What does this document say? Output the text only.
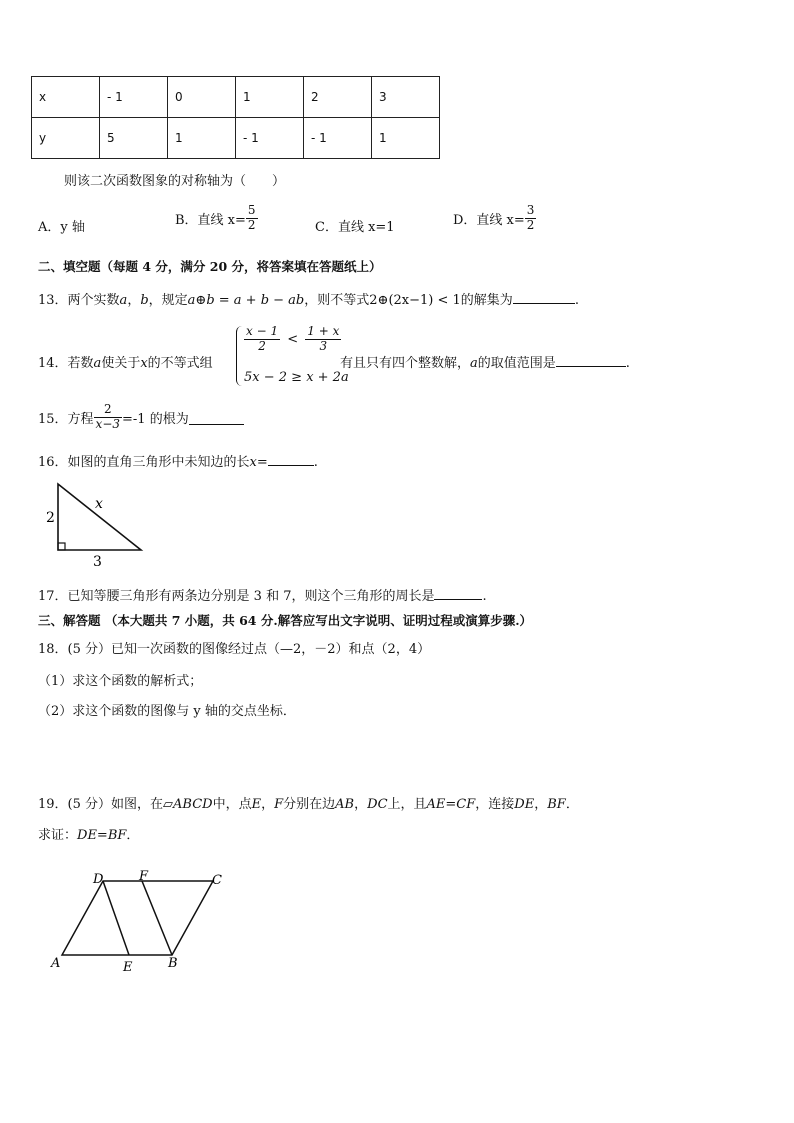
x	- 1	0	1	2	3
y	5	1	- 1	- 1	1
则该二次函数图象的对称轴为（　　）
A．y 轴	B．直线 $x= \frac{5}{2}$	C．直线 x=1	D．直线 $x= \frac{3}{2}$
二、填空题（每题 4 分，满分 20 分，将答案填在答题纸上）
13．两个实数a，b，规定a⊕b = a + b − ab，则不等式2⊕(2x−1) < 1的解集为	.
14．若数a使关于x的不等式组
$\frac{x - 1}{2} < \frac{1 + x}{3}$
5x − 2 ≥ x + 2a
有且只有四个整数解，a的取值范围是	.
15．方程 $\frac{2}{x-3} =-1$ 的根为
16．如图的直角三角形中未知边的长x=	.
x
2
3
17．已知等腰三角形有两条边分别是 3 和 7，则这个三角形的周长是	.
三、解答题 （本大题共 7 小题，共 64 分.解答应写出文字说明、证明过程或演算步骤.）
18．(5 分）已知一次函数的图像经过点（—2，－2）和点（2，4）
（1）求这个函数的解析式；
（2）求这个函数的图像与 y 轴的交点坐标．
19．(5 分）如图，在▱ABCD中，点E，F分别在边AB，DC上，且AE=CF，连接DE，BF．
求证：DE=BF．
D	F	C
A	E	B
